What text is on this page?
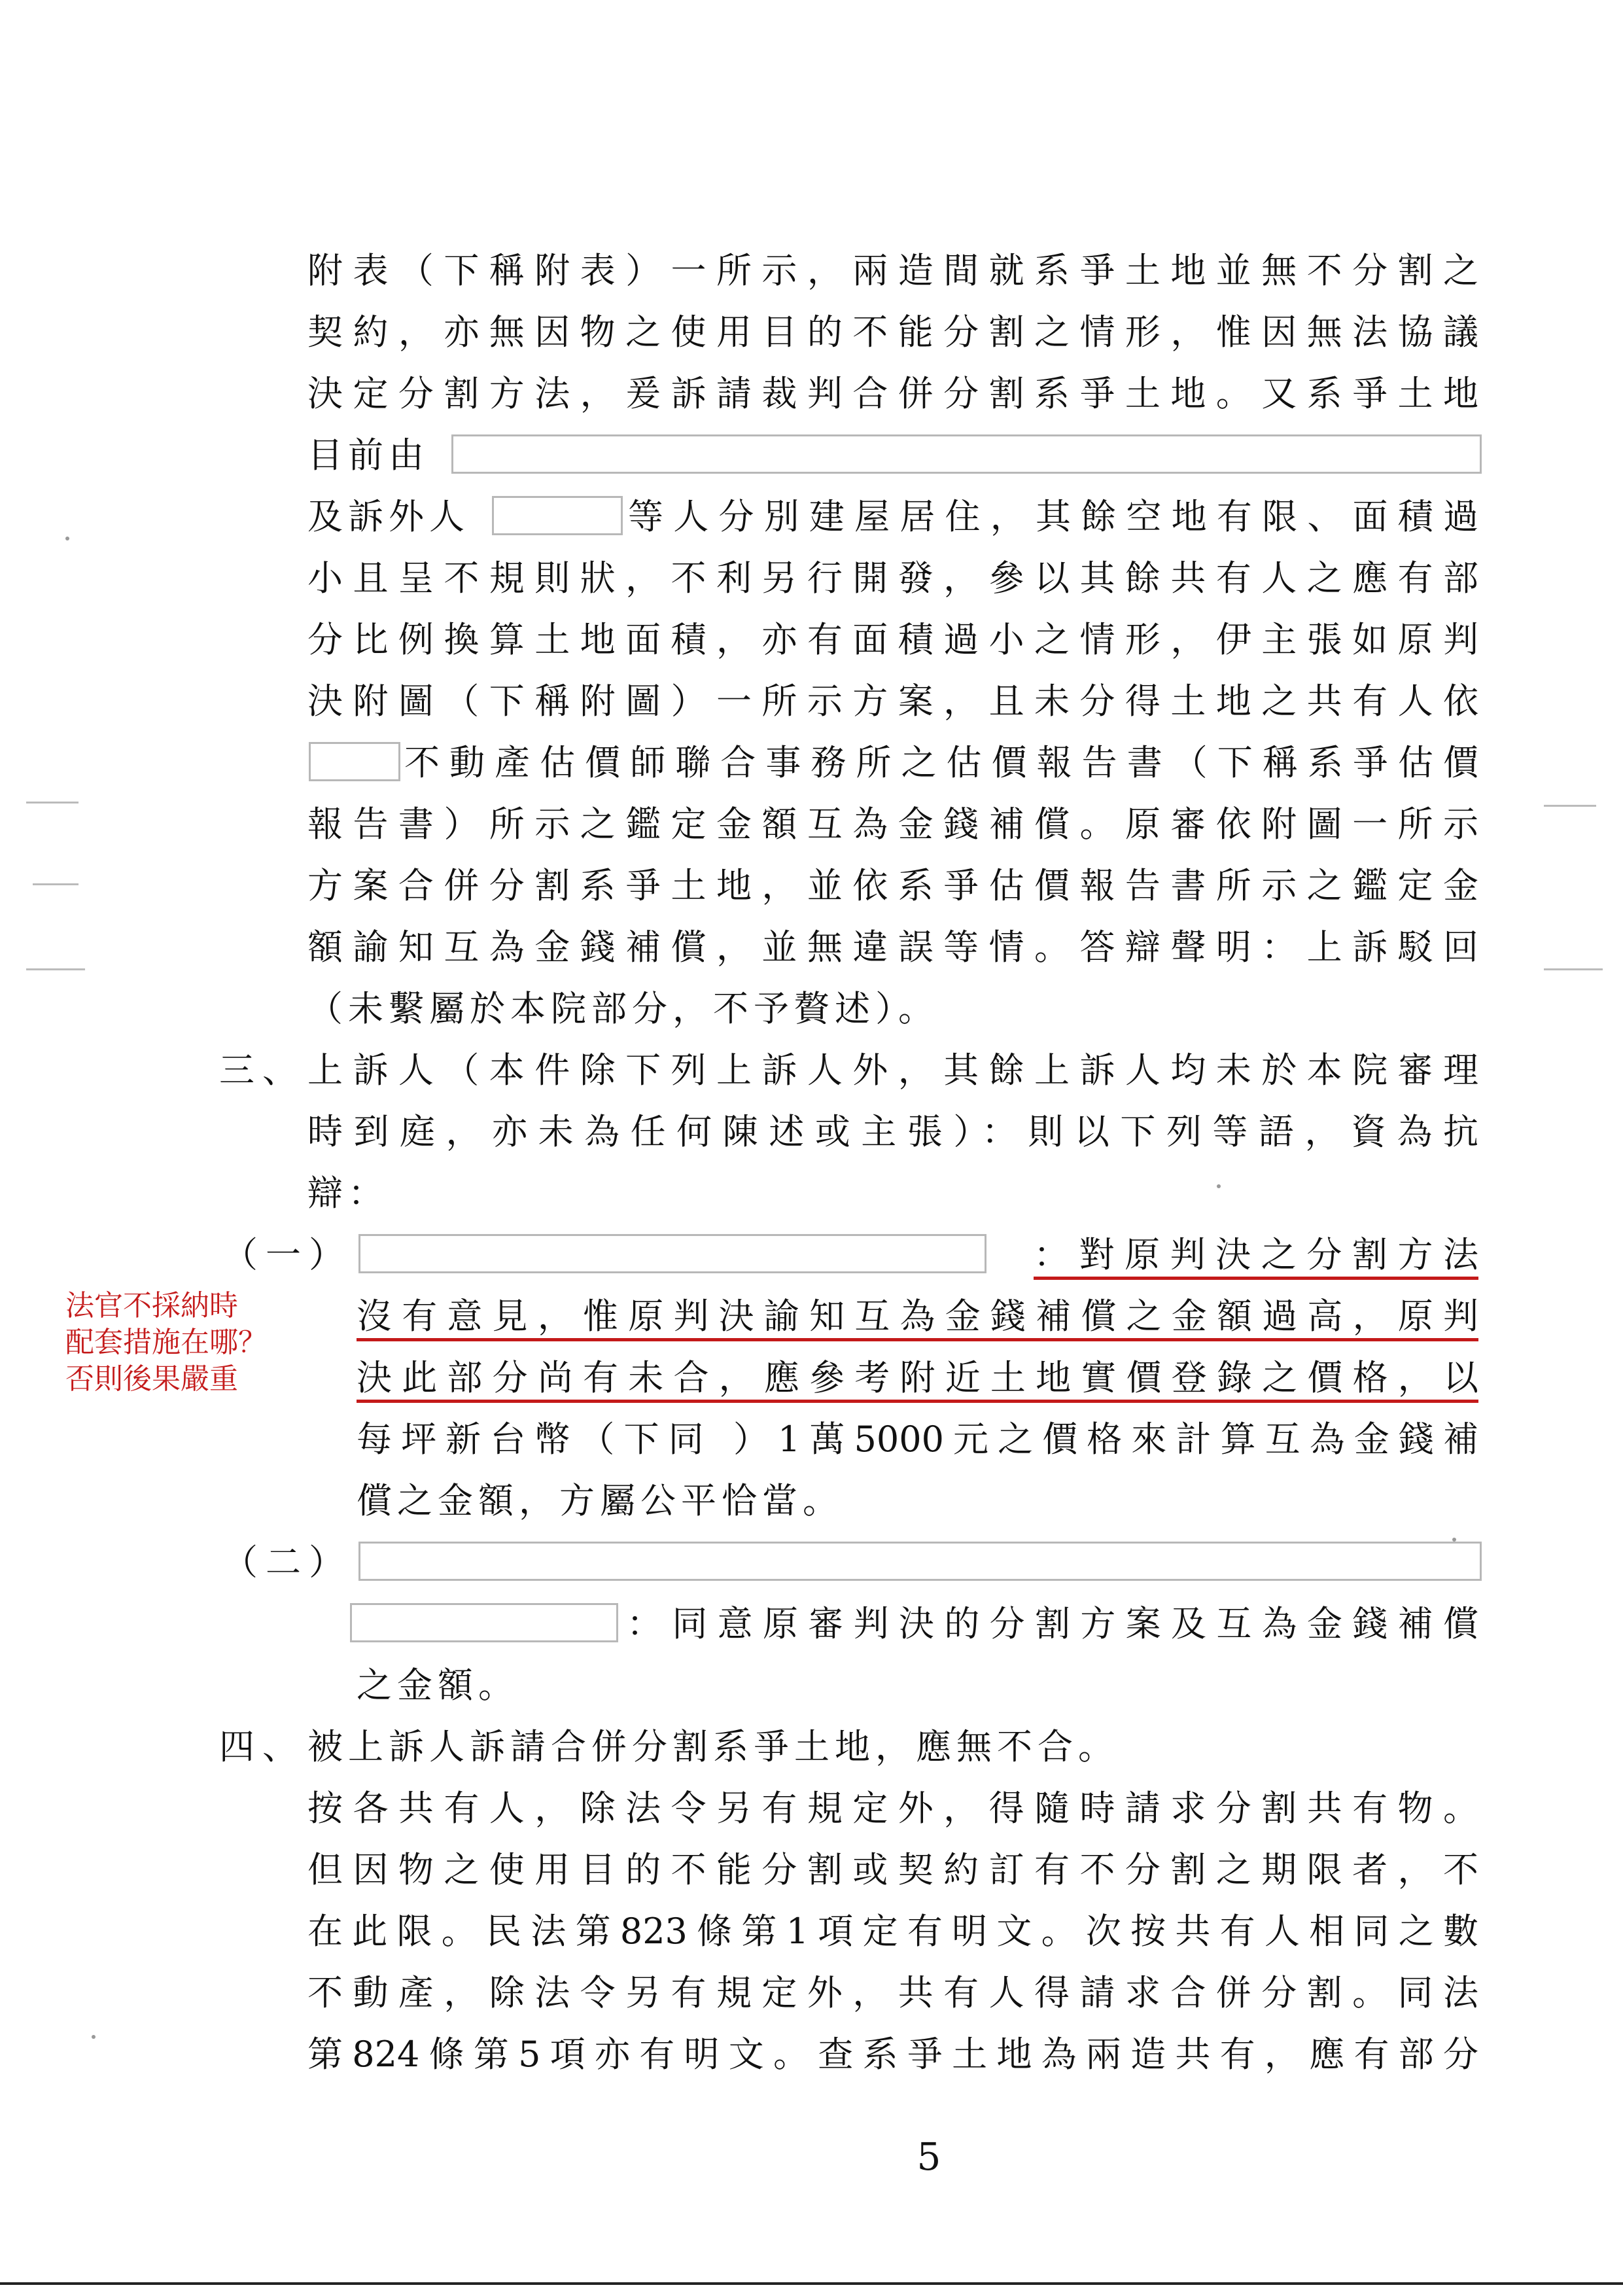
附表（下稱附表）一所示，兩造間就系爭土地並無不分割之
契約，亦無因物之使用目的不能分割之情形，惟因無法協議
決定分割方法，爰訴請裁判合併分割系爭土地。又系爭土地
目前由
及訴外人	等人分別建屋居住，其餘空地有限、面積過
小且呈不規則狀，不利另行開發，參以其餘共有人之應有部
分比例換算土地面積，亦有面積過小之情形，伊主張如原判
決附圖（下稱附圖）一所示方案，且未分得土地之共有人依
不動產估價師聯合事務所之估價報告書（下稱系爭估價
報告書）所示之鑑定金額互為金錢補償。原審依附圖一所示
方案合併分割系爭土地，並依系爭估價報告書所示之鑑定金
額諭知互為金錢補償，並無違誤等情。答辯聲明：上訴駁回
（未繫屬於本院部分，不予贅述）。
三、 上訴人（本件除下列上訴人外，其餘上訴人均未於本院審理
時到庭，亦未為任何陳述或主張）：則以下列等語，資為抗
辯：
（一）	：對原判決之分割方法
沒有意見，惟原判決諭知互為金錢補償之金額過高，原判
決此部分尚有未合，應參考附近土地實價登錄之價格，以
每坪新台幣（下同 ）1萬5000元之價格來計算互為金錢補
償之金額，方屬公平恰當。
（二）
：同意原審判決的分割方案及互為金錢補償
之金額。
四、 被上訴人訴請合併分割系爭土地，應無不合。
按各共有人，除法令另有規定外，得隨時請求分割共有物。
但因物之使用目的不能分割或契約訂有不分割之期限者，不
在此限。民法第823條第1項定有明文。次按共有人相同之數
不動產，除法令另有規定外，共有人得請求合併分割。同法
第824條第5項亦有明文。查系爭土地為兩造共有，應有部分
法官不採納時
配套措施在哪？
否則後果嚴重
5
